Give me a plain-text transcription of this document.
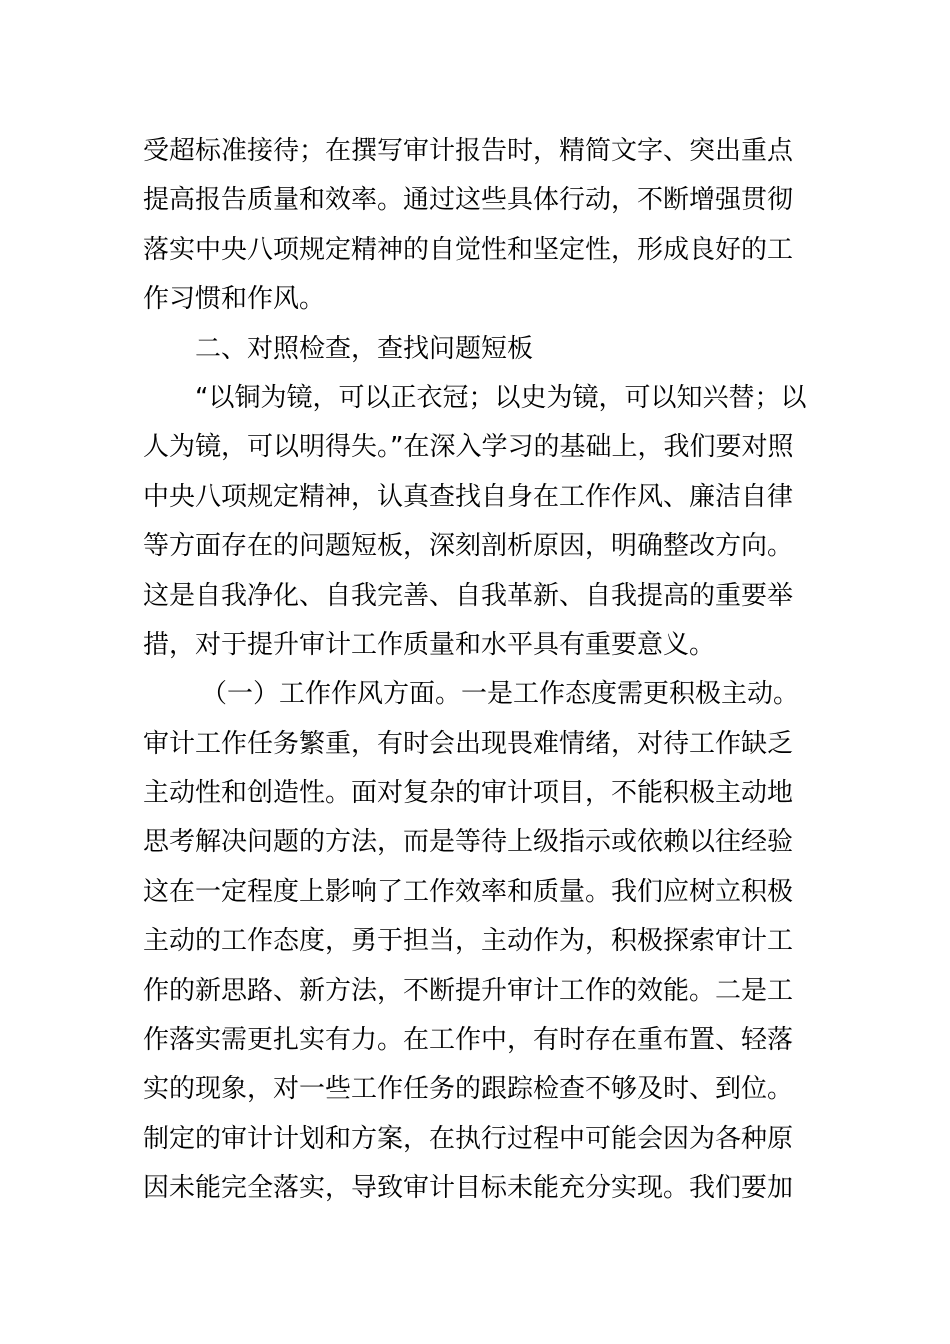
受超标准接待；在撰写审计报告时，精简文字、突出重点
提高报告质量和效率。通过这些具体行动，不断增强贯彻
落实中央八项规定精神的自觉性和坚定性，形成良好的工
作习惯和作风。
二、对照检查，查找问题短板
“以铜为镜，可以正衣冠；以史为镜，可以知兴替；以
人为镜，可以明得失。”在深入学习的基础上，我们要对照
中央八项规定精神，认真查找自身在工作作风、廉洁自律
等方面存在的问题短板，深刻剖析原因，明确整改方向。
这是自我净化、自我完善、自我革新、自我提高的重要举
措，对于提升审计工作质量和水平具有重要意义。
（一）工作作风方面。一是工作态度需更积极主动。
审计工作任务繁重，有时会出现畏难情绪，对待工作缺乏
主动性和创造性。面对复杂的审计项目，不能积极主动地
思考解决问题的方法，而是等待上级指示或依赖以往经验
这在一定程度上影响了工作效率和质量。我们应树立积极
主动的工作态度，勇于担当，主动作为，积极探索审计工
作的新思路、新方法，不断提升审计工作的效能。二是工
作落实需更扎实有力。在工作中，有时存在重布置、轻落
实的现象，对一些工作任务的跟踪检查不够及时、到位。
制定的审计计划和方案，在执行过程中可能会因为各种原
因未能完全落实，导致审计目标未能充分实现。我们要加
